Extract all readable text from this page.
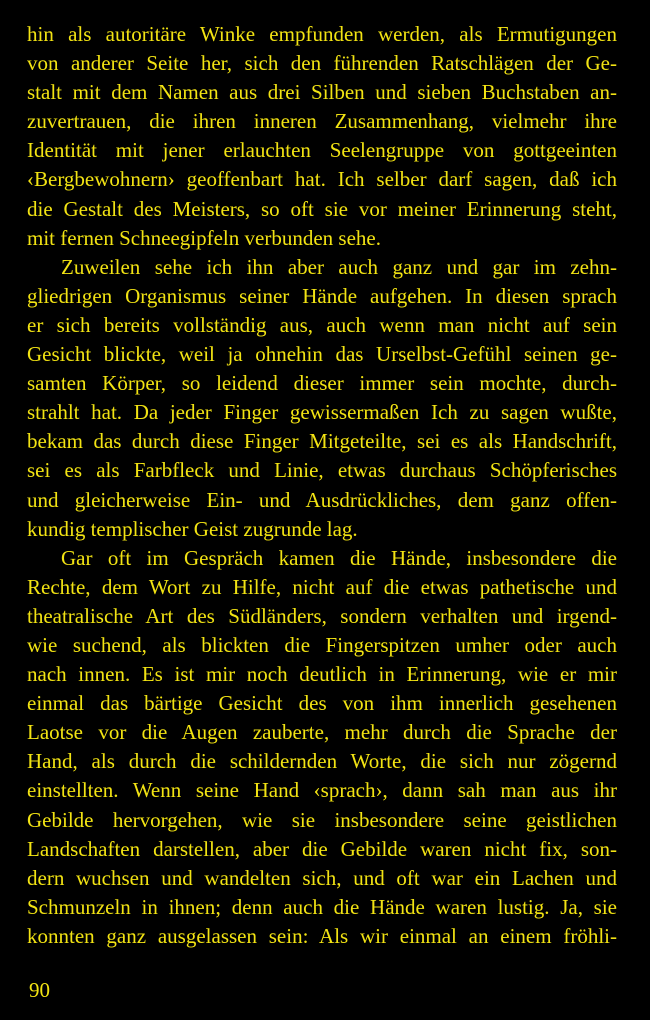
hin als autoritäre Winke empfunden werden, als Ermutigungen
von anderer Seite her, sich den führenden Ratschlägen der Ge-
stalt mit dem Namen aus drei Silben und sieben Buchstaben an-
zuvertrauen, die ihren inneren Zusammenhang, vielmehr ihre
Identität mit jener erlauchten Seelengruppe von gottgeeinten
‹Bergbewohnern› geoffenbart hat. Ich selber darf sagen, daß ich
die Gestalt des Meisters, so oft sie vor meiner Erinnerung steht,
mit fernen Schneegipfeln verbunden sehe.
Zuweilen sehe ich ihn aber auch ganz und gar im zehn-
gliedrigen Organismus seiner Hände aufgehen. In diesen sprach
er sich bereits vollständig aus, auch wenn man nicht auf sein
Gesicht blickte, weil ja ohnehin das Urselbst-Gefühl seinen ge-
samten Körper, so leidend dieser immer sein mochte, durch-
strahlt hat. Da jeder Finger gewissermaßen Ich zu sagen wußte,
bekam das durch diese Finger Mitgeteilte, sei es als Handschrift,
sei es als Farbfleck und Linie, etwas durchaus Schöpferisches
und gleicherweise Ein- und Ausdrückliches, dem ganz offen-
kundig templischer Geist zugrunde lag.
Gar oft im Gespräch kamen die Hände, insbesondere die
Rechte, dem Wort zu Hilfe, nicht auf die etwas pathetische und
theatralische Art des Südländers, sondern verhalten und irgend-
wie suchend, als blickten die Fingerspitzen umher oder auch
nach innen. Es ist mir noch deutlich in Erinnerung, wie er mir
einmal das bärtige Gesicht des von ihm innerlich gesehenen
Laotse vor die Augen zauberte, mehr durch die Sprache der
Hand, als durch die schildernden Worte, die sich nur zögernd
einstellten. Wenn seine Hand ‹sprach›, dann sah man aus ihr
Gebilde hervorgehen, wie sie insbesondere seine geistlichen
Landschaften darstellen, aber die Gebilde waren nicht fix, son-
dern wuchsen und wandelten sich, und oft war ein Lachen und
Schmunzeln in ihnen; denn auch die Hände waren lustig. Ja, sie
konnten ganz ausgelassen sein: Als wir einmal an einem fröhli-
90
